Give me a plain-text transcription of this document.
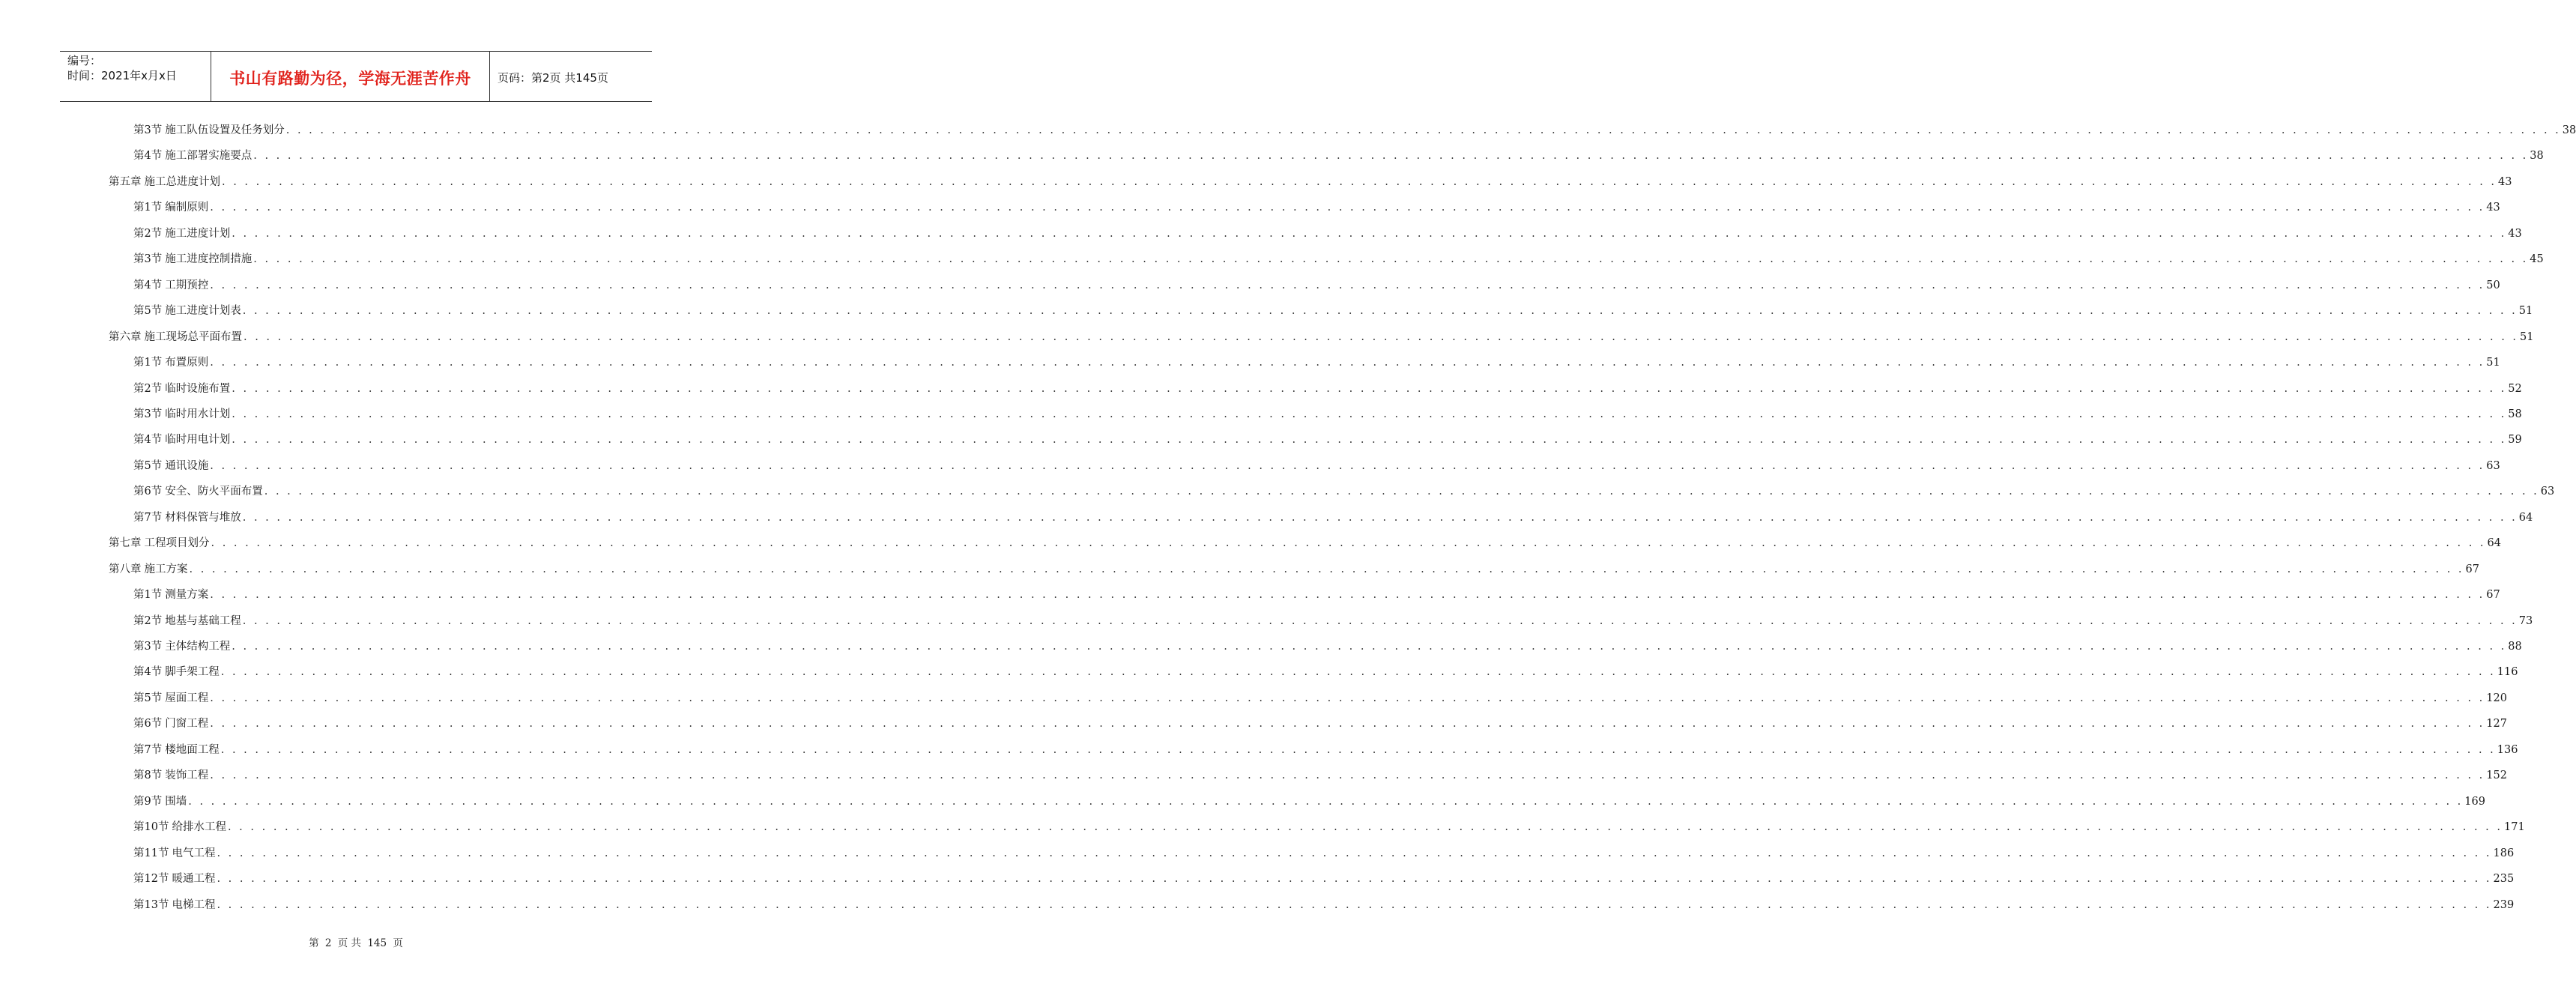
编号：
时间：2021年x月x日	书山有路勤为径，学海无涯苦作舟	页码：第2页 共145页
第3节 施工队伍设置及任务划分 . . . . . . . . . . . . . . . . . . . . . . . . . . . . . . . . . . . . . . . . . . . . . . . . . . . . . . . . . . . . . . . . . . . . . . . . . . . . . . . . . . . . . . . . . . . . . . . . . . . . . . . . . . . . . . . . . . . . . . . . . . . . . . . . . . . . . . . . . . . . . . . . . . . . . . . . . . . . . . . . . . . . . . . . . . . . . . . . . . . . . . . . . . . . . . . . . . . . . . . . 38
第4节 施工部署实施要点 . . . . . . . . . . . . . . . . . . . . . . . . . . . . . . . . . . . . . . . . . . . . . . . . . . . . . . . . . . . . . . . . . . . . . . . . . . . . . . . . . . . . . . . . . . . . . . . . . . . . . . . . . . . . . . . . . . . . . . . . . . . . . . . . . . . . . . . . . . . . . . . . . . . . . . . . . . . . . . . . . . . . . . . . . . . . . . . . . . . . . . . . . . . . . . . . . . . . . . . . 38
第五章 施工总进度计划 . . . . . . . . . . . . . . . . . . . . . . . . . . . . . . . . . . . . . . . . . . . . . . . . . . . . . . . . . . . . . . . . . . . . . . . . . . . . . . . . . . . . . . . . . . . . . . . . . . . . . . . . . . . . . . . . . . . . . . . . . . . . . . . . . . . . . . . . . . . . . . . . . . . . . . . . . . . . . . . . . . . . . . . . . . . . . . . . . . . . . . . . . . . . . . . . . . . . . . . . 43
第1节 编制原则 . . . . . . . . . . . . . . . . . . . . . . . . . . . . . . . . . . . . . . . . . . . . . . . . . . . . . . . . . . . . . . . . . . . . . . . . . . . . . . . . . . . . . . . . . . . . . . . . . . . . . . . . . . . . . . . . . . . . . . . . . . . . . . . . . . . . . . . . . . . . . . . . . . . . . . . . . . . . . . . . . . . . . . . . . . . . . . . . . . . . . . . . . . . . . . . . . . . . . . . . 43
第2节 施工进度计划 . . . . . . . . . . . . . . . . . . . . . . . . . . . . . . . . . . . . . . . . . . . . . . . . . . . . . . . . . . . . . . . . . . . . . . . . . . . . . . . . . . . . . . . . . . . . . . . . . . . . . . . . . . . . . . . . . . . . . . . . . . . . . . . . . . . . . . . . . . . . . . . . . . . . . . . . . . . . . . . . . . . . . . . . . . . . . . . . . . . . . . . . . . . . . . . . . . . . . . . . 43
第3节 施工进度控制措施 . . . . . . . . . . . . . . . . . . . . . . . . . . . . . . . . . . . . . . . . . . . . . . . . . . . . . . . . . . . . . . . . . . . . . . . . . . . . . . . . . . . . . . . . . . . . . . . . . . . . . . . . . . . . . . . . . . . . . . . . . . . . . . . . . . . . . . . . . . . . . . . . . . . . . . . . . . . . . . . . . . . . . . . . . . . . . . . . . . . . . . . . . . . . . . . . . . . . . . . . 45
第4节 工期预控 . . . . . . . . . . . . . . . . . . . . . . . . . . . . . . . . . . . . . . . . . . . . . . . . . . . . . . . . . . . . . . . . . . . . . . . . . . . . . . . . . . . . . . . . . . . . . . . . . . . . . . . . . . . . . . . . . . . . . . . . . . . . . . . . . . . . . . . . . . . . . . . . . . . . . . . . . . . . . . . . . . . . . . . . . . . . . . . . . . . . . . . . . . . . . . . . . . . . . . . . 50
第5节 施工进度计划表 . . . . . . . . . . . . . . . . . . . . . . . . . . . . . . . . . . . . . . . . . . . . . . . . . . . . . . . . . . . . . . . . . . . . . . . . . . . . . . . . . . . . . . . . . . . . . . . . . . . . . . . . . . . . . . . . . . . . . . . . . . . . . . . . . . . . . . . . . . . . . . . . . . . . . . . . . . . . . . . . . . . . . . . . . . . . . . . . . . . . . . . . . . . . . . . . . . . . . . . . 51
第六章 施工现场总平面布置 . . . . . . . . . . . . . . . . . . . . . . . . . . . . . . . . . . . . . . . . . . . . . . . . . . . . . . . . . . . . . . . . . . . . . . . . . . . . . . . . . . . . . . . . . . . . . . . . . . . . . . . . . . . . . . . . . . . . . . . . . . . . . . . . . . . . . . . . . . . . . . . . . . . . . . . . . . . . . . . . . . . . . . . . . . . . . . . . . . . . . . . . . . . . . . . . . . . . . . . . 51
第1节 布置原则 . . . . . . . . . . . . . . . . . . . . . . . . . . . . . . . . . . . . . . . . . . . . . . . . . . . . . . . . . . . . . . . . . . . . . . . . . . . . . . . . . . . . . . . . . . . . . . . . . . . . . . . . . . . . . . . . . . . . . . . . . . . . . . . . . . . . . . . . . . . . . . . . . . . . . . . . . . . . . . . . . . . . . . . . . . . . . . . . . . . . . . . . . . . . . . . . . . . . . . . . 51
第2节 临时设施布置 . . . . . . . . . . . . . . . . . . . . . . . . . . . . . . . . . . . . . . . . . . . . . . . . . . . . . . . . . . . . . . . . . . . . . . . . . . . . . . . . . . . . . . . . . . . . . . . . . . . . . . . . . . . . . . . . . . . . . . . . . . . . . . . . . . . . . . . . . . . . . . . . . . . . . . . . . . . . . . . . . . . . . . . . . . . . . . . . . . . . . . . . . . . . . . . . . . . . . . . . 52
第3节 临时用水计划 . . . . . . . . . . . . . . . . . . . . . . . . . . . . . . . . . . . . . . . . . . . . . . . . . . . . . . . . . . . . . . . . . . . . . . . . . . . . . . . . . . . . . . . . . . . . . . . . . . . . . . . . . . . . . . . . . . . . . . . . . . . . . . . . . . . . . . . . . . . . . . . . . . . . . . . . . . . . . . . . . . . . . . . . . . . . . . . . . . . . . . . . . . . . . . . . . . . . . . . . 58
第4节 临时用电计划 . . . . . . . . . . . . . . . . . . . . . . . . . . . . . . . . . . . . . . . . . . . . . . . . . . . . . . . . . . . . . . . . . . . . . . . . . . . . . . . . . . . . . . . . . . . . . . . . . . . . . . . . . . . . . . . . . . . . . . . . . . . . . . . . . . . . . . . . . . . . . . . . . . . . . . . . . . . . . . . . . . . . . . . . . . . . . . . . . . . . . . . . . . . . . . . . . . . . . . . . 59
第5节 通讯设施 . . . . . . . . . . . . . . . . . . . . . . . . . . . . . . . . . . . . . . . . . . . . . . . . . . . . . . . . . . . . . . . . . . . . . . . . . . . . . . . . . . . . . . . . . . . . . . . . . . . . . . . . . . . . . . . . . . . . . . . . . . . . . . . . . . . . . . . . . . . . . . . . . . . . . . . . . . . . . . . . . . . . . . . . . . . . . . . . . . . . . . . . . . . . . . . . . . . . . . . . 63
第6节 安全、防火平面布置 . . . . . . . . . . . . . . . . . . . . . . . . . . . . . . . . . . . . . . . . . . . . . . . . . . . . . . . . . . . . . . . . . . . . . . . . . . . . . . . . . . . . . . . . . . . . . . . . . . . . . . . . . . . . . . . . . . . . . . . . . . . . . . . . . . . . . . . . . . . . . . . . . . . . . . . . . . . . . . . . . . . . . . . . . . . . . . . . . . . . . . . . . . . . . . . . . . . . . . . . 63
第7节 材料保管与堆放 . . . . . . . . . . . . . . . . . . . . . . . . . . . . . . . . . . . . . . . . . . . . . . . . . . . . . . . . . . . . . . . . . . . . . . . . . . . . . . . . . . . . . . . . . . . . . . . . . . . . . . . . . . . . . . . . . . . . . . . . . . . . . . . . . . . . . . . . . . . . . . . . . . . . . . . . . . . . . . . . . . . . . . . . . . . . . . . . . . . . . . . . . . . . . . . . . . . . . . . . 64
第七章 工程项目划分 . . . . . . . . . . . . . . . . . . . . . . . . . . . . . . . . . . . . . . . . . . . . . . . . . . . . . . . . . . . . . . . . . . . . . . . . . . . . . . . . . . . . . . . . . . . . . . . . . . . . . . . . . . . . . . . . . . . . . . . . . . . . . . . . . . . . . . . . . . . . . . . . . . . . . . . . . . . . . . . . . . . . . . . . . . . . . . . . . . . . . . . . . . . . . . . . . . . . . . . . 64
第八章 施工方案 . . . . . . . . . . . . . . . . . . . . . . . . . . . . . . . . . . . . . . . . . . . . . . . . . . . . . . . . . . . . . . . . . . . . . . . . . . . . . . . . . . . . . . . . . . . . . . . . . . . . . . . . . . . . . . . . . . . . . . . . . . . . . . . . . . . . . . . . . . . . . . . . . . . . . . . . . . . . . . . . . . . . . . . . . . . . . . . . . . . . . . . . . . . . . . . . . . . . . . . . 67
第1节 测量方案 . . . . . . . . . . . . . . . . . . . . . . . . . . . . . . . . . . . . . . . . . . . . . . . . . . . . . . . . . . . . . . . . . . . . . . . . . . . . . . . . . . . . . . . . . . . . . . . . . . . . . . . . . . . . . . . . . . . . . . . . . . . . . . . . . . . . . . . . . . . . . . . . . . . . . . . . . . . . . . . . . . . . . . . . . . . . . . . . . . . . . . . . . . . . . . . . . . . . . . . . 67
第2节 地基与基础工程 . . . . . . . . . . . . . . . . . . . . . . . . . . . . . . . . . . . . . . . . . . . . . . . . . . . . . . . . . . . . . . . . . . . . . . . . . . . . . . . . . . . . . . . . . . . . . . . . . . . . . . . . . . . . . . . . . . . . . . . . . . . . . . . . . . . . . . . . . . . . . . . . . . . . . . . . . . . . . . . . . . . . . . . . . . . . . . . . . . . . . . . . . . . . . . . . . . . . . . . . 73
第3节 主体结构工程 . . . . . . . . . . . . . . . . . . . . . . . . . . . . . . . . . . . . . . . . . . . . . . . . . . . . . . . . . . . . . . . . . . . . . . . . . . . . . . . . . . . . . . . . . . . . . . . . . . . . . . . . . . . . . . . . . . . . . . . . . . . . . . . . . . . . . . . . . . . . . . . . . . . . . . . . . . . . . . . . . . . . . . . . . . . . . . . . . . . . . . . . . . . . . . . . . . . . . . . . 88
第4节 脚手架工程 . . . . . . . . . . . . . . . . . . . . . . . . . . . . . . . . . . . . . . . . . . . . . . . . . . . . . . . . . . . . . . . . . . . . . . . . . . . . . . . . . . . . . . . . . . . . . . . . . . . . . . . . . . . . . . . . . . . . . . . . . . . . . . . . . . . . . . . . . . . . . . . . . . . . . . . . . . . . . . . . . . . . . . . . . . . . . . . . . . . . . . . . . . . . . . . . . . . . . . . . 116
第5节 屋面工程 . . . . . . . . . . . . . . . . . . . . . . . . . . . . . . . . . . . . . . . . . . . . . . . . . . . . . . . . . . . . . . . . . . . . . . . . . . . . . . . . . . . . . . . . . . . . . . . . . . . . . . . . . . . . . . . . . . . . . . . . . . . . . . . . . . . . . . . . . . . . . . . . . . . . . . . . . . . . . . . . . . . . . . . . . . . . . . . . . . . . . . . . . . . . . . . . . . . . . . . . 120
第6节 门窗工程 . . . . . . . . . . . . . . . . . . . . . . . . . . . . . . . . . . . . . . . . . . . . . . . . . . . . . . . . . . . . . . . . . . . . . . . . . . . . . . . . . . . . . . . . . . . . . . . . . . . . . . . . . . . . . . . . . . . . . . . . . . . . . . . . . . . . . . . . . . . . . . . . . . . . . . . . . . . . . . . . . . . . . . . . . . . . . . . . . . . . . . . . . . . . . . . . . . . . . . . . 127
第7节 楼地面工程 . . . . . . . . . . . . . . . . . . . . . . . . . . . . . . . . . . . . . . . . . . . . . . . . . . . . . . . . . . . . . . . . . . . . . . . . . . . . . . . . . . . . . . . . . . . . . . . . . . . . . . . . . . . . . . . . . . . . . . . . . . . . . . . . . . . . . . . . . . . . . . . . . . . . . . . . . . . . . . . . . . . . . . . . . . . . . . . . . . . . . . . . . . . . . . . . . . . . . . . . 136
第8节 装饰工程 . . . . . . . . . . . . . . . . . . . . . . . . . . . . . . . . . . . . . . . . . . . . . . . . . . . . . . . . . . . . . . . . . . . . . . . . . . . . . . . . . . . . . . . . . . . . . . . . . . . . . . . . . . . . . . . . . . . . . . . . . . . . . . . . . . . . . . . . . . . . . . . . . . . . . . . . . . . . . . . . . . . . . . . . . . . . . . . . . . . . . . . . . . . . . . . . . . . . . . . . 152
第9节 围墙 . . . . . . . . . . . . . . . . . . . . . . . . . . . . . . . . . . . . . . . . . . . . . . . . . . . . . . . . . . . . . . . . . . . . . . . . . . . . . . . . . . . . . . . . . . . . . . . . . . . . . . . . . . . . . . . . . . . . . . . . . . . . . . . . . . . . . . . . . . . . . . . . . . . . . . . . . . . . . . . . . . . . . . . . . . . . . . . . . . . . . . . . . . . . . . . . . . . . . . . . 169
第10节 给排水工程 . . . . . . . . . . . . . . . . . . . . . . . . . . . . . . . . . . . . . . . . . . . . . . . . . . . . . . . . . . . . . . . . . . . . . . . . . . . . . . . . . . . . . . . . . . . . . . . . . . . . . . . . . . . . . . . . . . . . . . . . . . . . . . . . . . . . . . . . . . . . . . . . . . . . . . . . . . . . . . . . . . . . . . . . . . . . . . . . . . . . . . . . . . . . . . . . . . . . . . . . 171
第11节 电气工程 . . . . . . . . . . . . . . . . . . . . . . . . . . . . . . . . . . . . . . . . . . . . . . . . . . . . . . . . . . . . . . . . . . . . . . . . . . . . . . . . . . . . . . . . . . . . . . . . . . . . . . . . . . . . . . . . . . . . . . . . . . . . . . . . . . . . . . . . . . . . . . . . . . . . . . . . . . . . . . . . . . . . . . . . . . . . . . . . . . . . . . . . . . . . . . . . . . . . . . . . 186
第12节 暖通工程 . . . . . . . . . . . . . . . . . . . . . . . . . . . . . . . . . . . . . . . . . . . . . . . . . . . . . . . . . . . . . . . . . . . . . . . . . . . . . . . . . . . . . . . . . . . . . . . . . . . . . . . . . . . . . . . . . . . . . . . . . . . . . . . . . . . . . . . . . . . . . . . . . . . . . . . . . . . . . . . . . . . . . . . . . . . . . . . . . . . . . . . . . . . . . . . . . . . . . . . . 235
第13节 电梯工程 . . . . . . . . . . . . . . . . . . . . . . . . . . . . . . . . . . . . . . . . . . . . . . . . . . . . . . . . . . . . . . . . . . . . . . . . . . . . . . . . . . . . . . . . . . . . . . . . . . . . . . . . . . . . . . . . . . . . . . . . . . . . . . . . . . . . . . . . . . . . . . . . . . . . . . . . . . . . . . . . . . . . . . . . . . . . . . . . . . . . . . . . . . . . . . . . . . . . . . . . 239
第 2 页 共 145 页
